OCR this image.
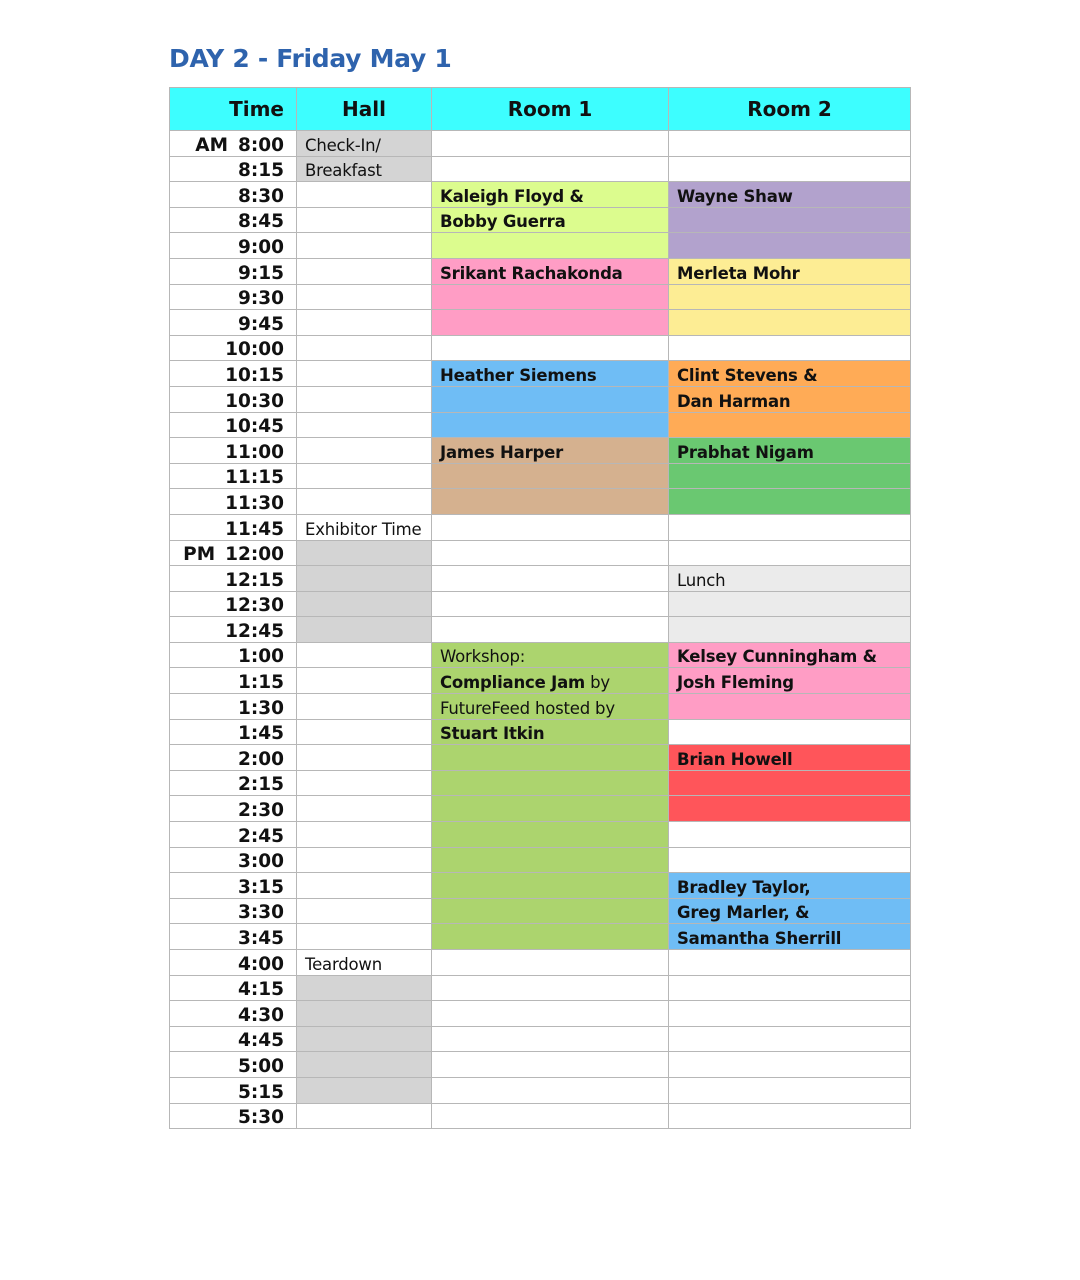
DAY 2 - Friday May 1
Time	Hall	Room 1	Room 2
AM 8:00	Check-In/		
8:15	Breakfast		
8:30		Kaleigh Floyd &	Wayne Shaw
8:45		Bobby Guerra	
9:00			
9:15		Srikant Rachakonda	Merleta Mohr
9:30			
9:45			
10:00			
10:15		Heather Siemens	Clint Stevens &
10:30			Dan Harman
10:45			
11:00		James Harper	Prabhat Nigam
11:15			
11:30			
11:45	Exhibitor Time		
PM 12:00			
12:15			Lunch
12:30			
12:45			
1:00		Workshop:	Kelsey Cunningham &
1:15		Compliance Jam by	Josh Fleming
1:30		FutureFeed hosted by	
1:45		Stuart Itkin	
2:00			Brian Howell
2:15			
2:30			
2:45			
3:00			
3:15			Bradley Taylor,
3:30			Greg Marler, &
3:45			Samantha Sherrill
4:00	Teardown		
4:15			
4:30			
4:45			
5:00			
5:15			
5:30			
